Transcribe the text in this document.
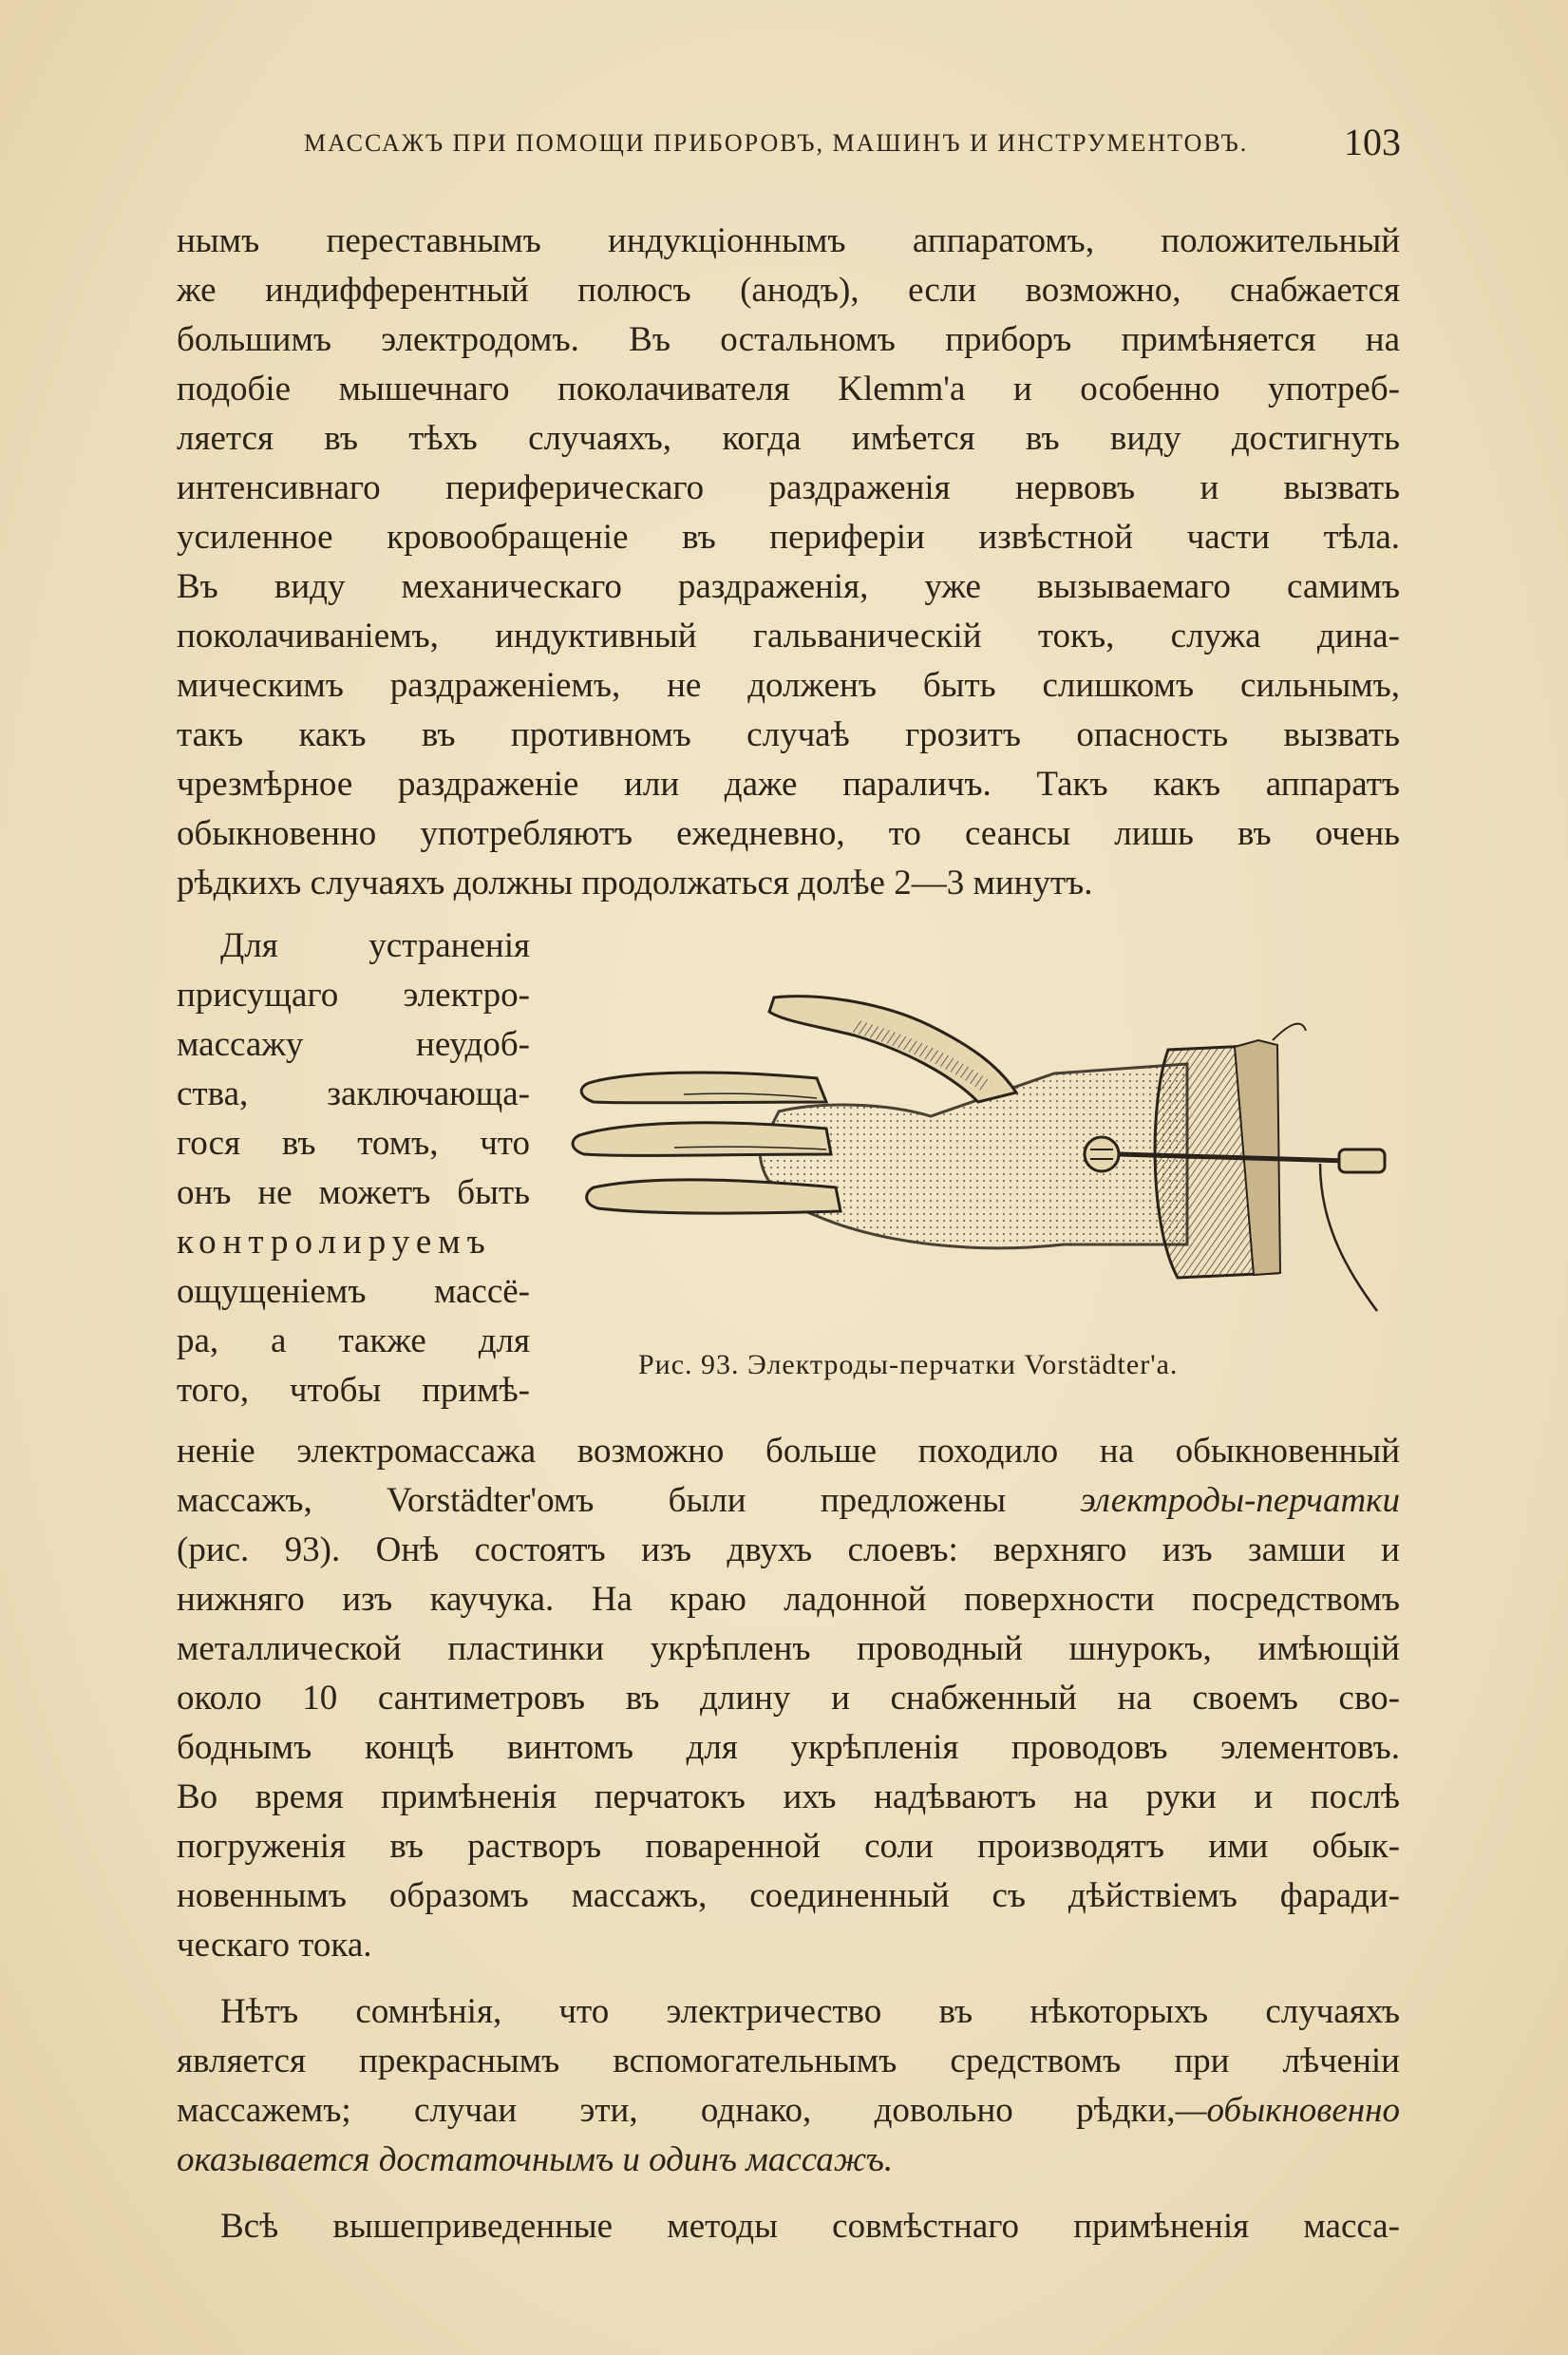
МАССАЖЪ ПРИ ПОМОЩИ ПРИБОРОВЪ, МАШИНЪ И ИНСТРУМЕНТОВЪ.	103
нымъ переставнымъ индукціоннымъ аппаратомъ, положительный
же индифферентный полюсъ (анодъ), если возможно, снабжается
большимъ электродомъ. Въ остальномъ приборъ примѣняется на
подобіе мышечнаго поколачивателя Klemm'а и особенно употреб-
ляется въ тѣхъ случаяхъ, когда имѣется въ виду достигнуть
интенсивнаго периферическаго раздраженія нервовъ и вызвать
усиленное кровообращеніе въ периферіи извѣстной части тѣла.
Въ виду механическаго раздраженія, уже вызываемаго самимъ
поколачиваніемъ, индуктивный гальваническій токъ, служа дина-
мическимъ раздраженіемъ, не долженъ быть слишкомъ сильнымъ,
такъ какъ въ противномъ случаѣ грозитъ опасность вызвать
чрезмѣрное раздраженіе или даже параличъ. Такъ какъ аппаратъ
обыкновенно употребляютъ ежедневно, то сеансы лишь въ очень
рѣдкихъ случаяхъ должны продолжаться долѣе 2—3 минутъ.
Для устраненія
присущаго электро-
массажу неудоб-
ства, заключающа-
гося въ томъ, что
онъ не можетъ быть
контролируемъ
ощущеніемъ массё-
ра, а также для
того, чтобы примѣ-
Рис. 93. Электроды-перчатки Vorstädter'а.
неніе электромассажа возможно больше походило на обыкновенный
массажъ, Vorstädter'омъ были предложены электроды-перчатки
(рис. 93). Онѣ состоятъ изъ двухъ слоевъ: верхняго изъ замши и
нижняго изъ каучука. На краю ладонной поверхности посредствомъ
металлической пластинки укрѣпленъ проводный шнурокъ, имѣющій
около 10 сантиметровъ въ длину и снабженный на своемъ сво-
боднымъ концѣ винтомъ для укрѣпленія проводовъ элементовъ.
Во время примѣненія перчатокъ ихъ надѣваютъ на руки и послѣ
погруженія въ растворъ поваренной соли производятъ ими обык-
новеннымъ образомъ массажъ, соединенный съ дѣйствіемъ фаради-
ческаго тока.
Нѣтъ сомнѣнія, что электричество въ нѣкоторыхъ случаяхъ
является прекраснымъ вспомогательнымъ средствомъ при лѣченіи
массажемъ; случаи эти, однако, довольно рѣдки,—обыкновенно
оказывается достаточнымъ и одинъ массажъ.
Всѣ вышеприведенные методы совмѣстнаго примѣненія масса-
